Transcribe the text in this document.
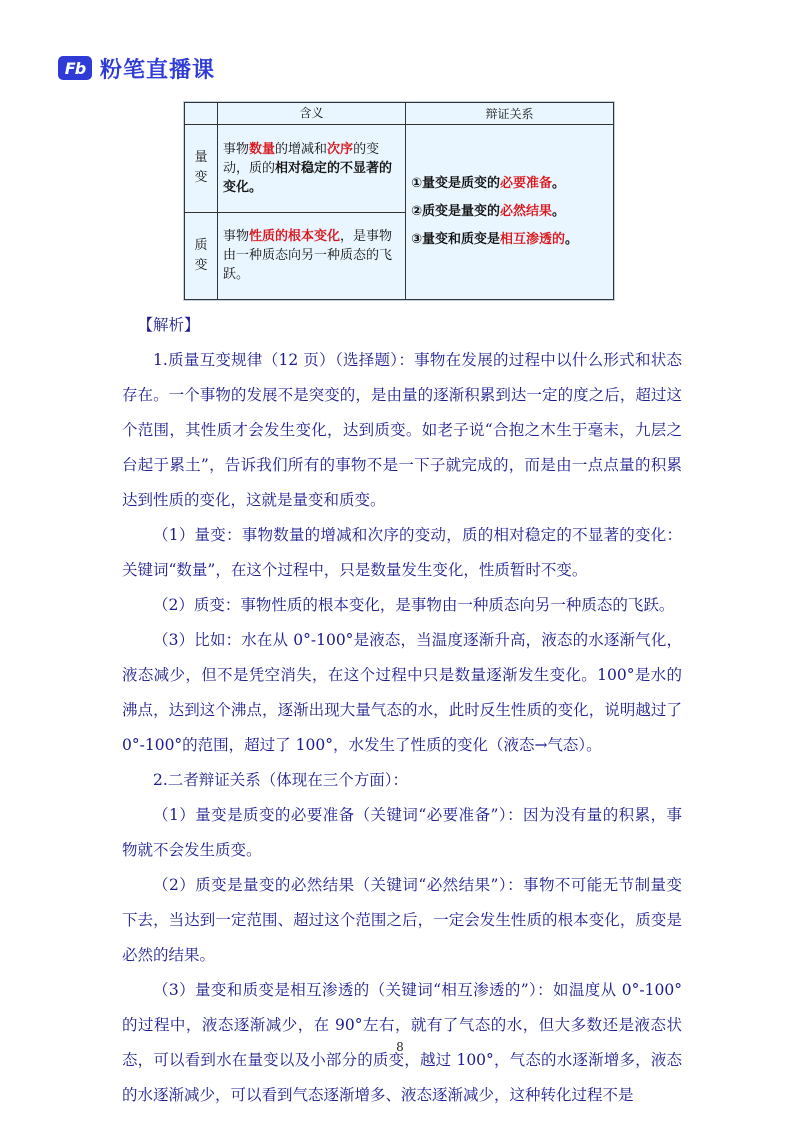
Fb 粉笔直播课
	含义	辩证关系
量变	事物数量的增减和次序的变动，质的相对稳定的不显著的变化。	①量变是质变的必要准备。
②质变是量变的必然结果。
③量变和质变是相互渗透的。

质变	事物性质的根本变化，是事物由一种质态向另一种质态的飞跃。	

【解析】

1.质量互变规律（12 页）（选择题）：事物在发展的过程中以什么形式和状态存在。一个事物的发展不是突变的，是由量的逐渐积累到达一定的度之后，超过这个范围，其性质才会发生变化，达到质变。如老子说“合抱之木生于毫末，九层之台起于累土”，告诉我们所有的事物不是一下子就完成的，而是由一点点量的积累达到性质的变化，这就是量变和质变。

（1）量变：事物数量的增减和次序的变动，质的相对稳定的不显著的变化：关键词“数量”，在这个过程中，只是数量发生变化，性质暂时不变。

（2）质变：事物性质的根本变化，是事物由一种质态向另一种质态的飞跃。

（3）比如：水在从 0°-100°是液态，当温度逐渐升高，液态的水逐渐气化，液态减少，但不是凭空消失，在这个过程中只是数量逐渐发生变化。100°是水的沸点，达到这个沸点，逐渐出现大量气态的水，此时反生性质的变化，说明越过了 0°-100°的范围，超过了 100°，水发生了性质的变化（液态→气态）。

2.二者辩证关系（体现在三个方面）：

（1）量变是质变的必要准备（关键词“必要准备”）：因为没有量的积累，事物就不会发生质变。

（2）质变是量变的必然结果（关键词“必然结果”）：事物不可能无节制量变下去，当达到一定范围、超过这个范围之后，一定会发生性质的根本变化，质变是必然的结果。

（3）量变和质变是相互渗透的（关键词“相互渗透的”）：如温度从 0°-100°的过程中，液态逐渐减少，在 90°左右，就有了气态的水，但大多数还是液态状态，可以看到水在量变以及小部分的质变，越过 100°，气态的水逐渐增多，液态的水逐渐减少，可以看到气态逐渐增多、液态逐渐减少，这种转化过程不是

8
